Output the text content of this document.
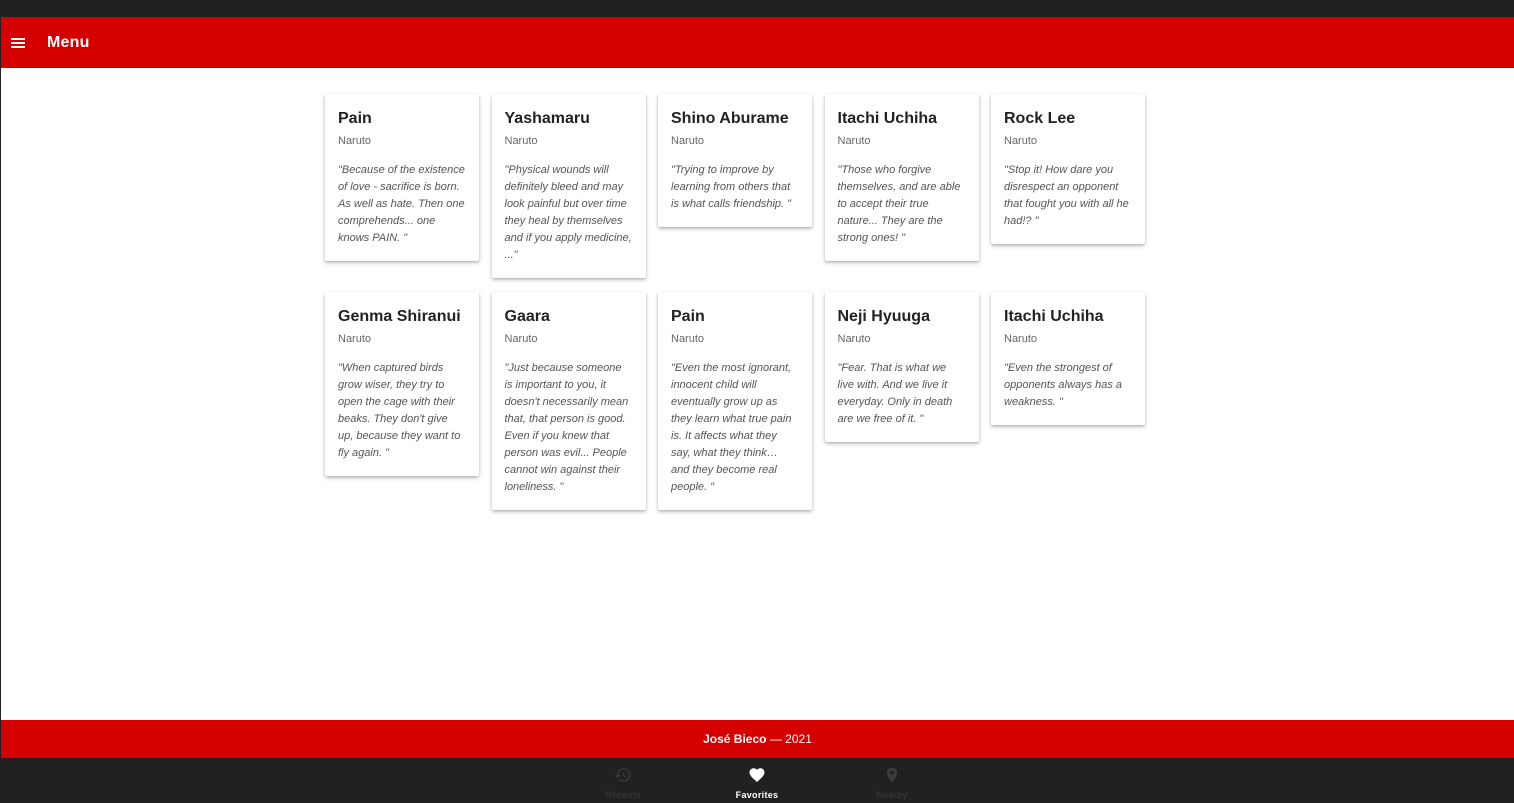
Menu
Pain
Naruto

"Because of the existence of love - sacrifice is born. As well as hate. Then one comprehends... one knows PAIN. "

Yashamaru
Naruto

"Physical wounds will definitely bleed and may look painful but over time they heal by themselves and if you apply medicine, ..."

Shino Aburame
Naruto

"Trying to improve by learning from others that is what calls friendship. "

Itachi Uchiha
Naruto

"Those who forgive themselves, and are able to accept their true nature... They are the strong ones! "

Rock Lee
Naruto

"Stop it! How dare you disrespect an opponent that fought you with all he had!? "

Genma Shiranui
Naruto

"When captured birds grow wiser, they try to open the cage with their beaks. They don't give up, because they want to fly again. "

Gaara
Naruto

"Just because someone is important to you, it doesn't necessarily mean that, that person is good. Even if you knew that person was evil... People cannot win against their loneliness. "

Pain
Naruto

"Even the most ignorant, innocent child will eventually grow up as they learn what true pain is. It affects what they say, what they think… and they become real people. "

Neji Hyuuga
Naruto

"Fear. That is what we live with. And we live it everyday. Only in death are we free of it. "

Itachi Uchiha
Naruto

"Even the strongest of opponents always has a weakness. "

José Bieco — 2021
Recents	Favorites	Nearby
